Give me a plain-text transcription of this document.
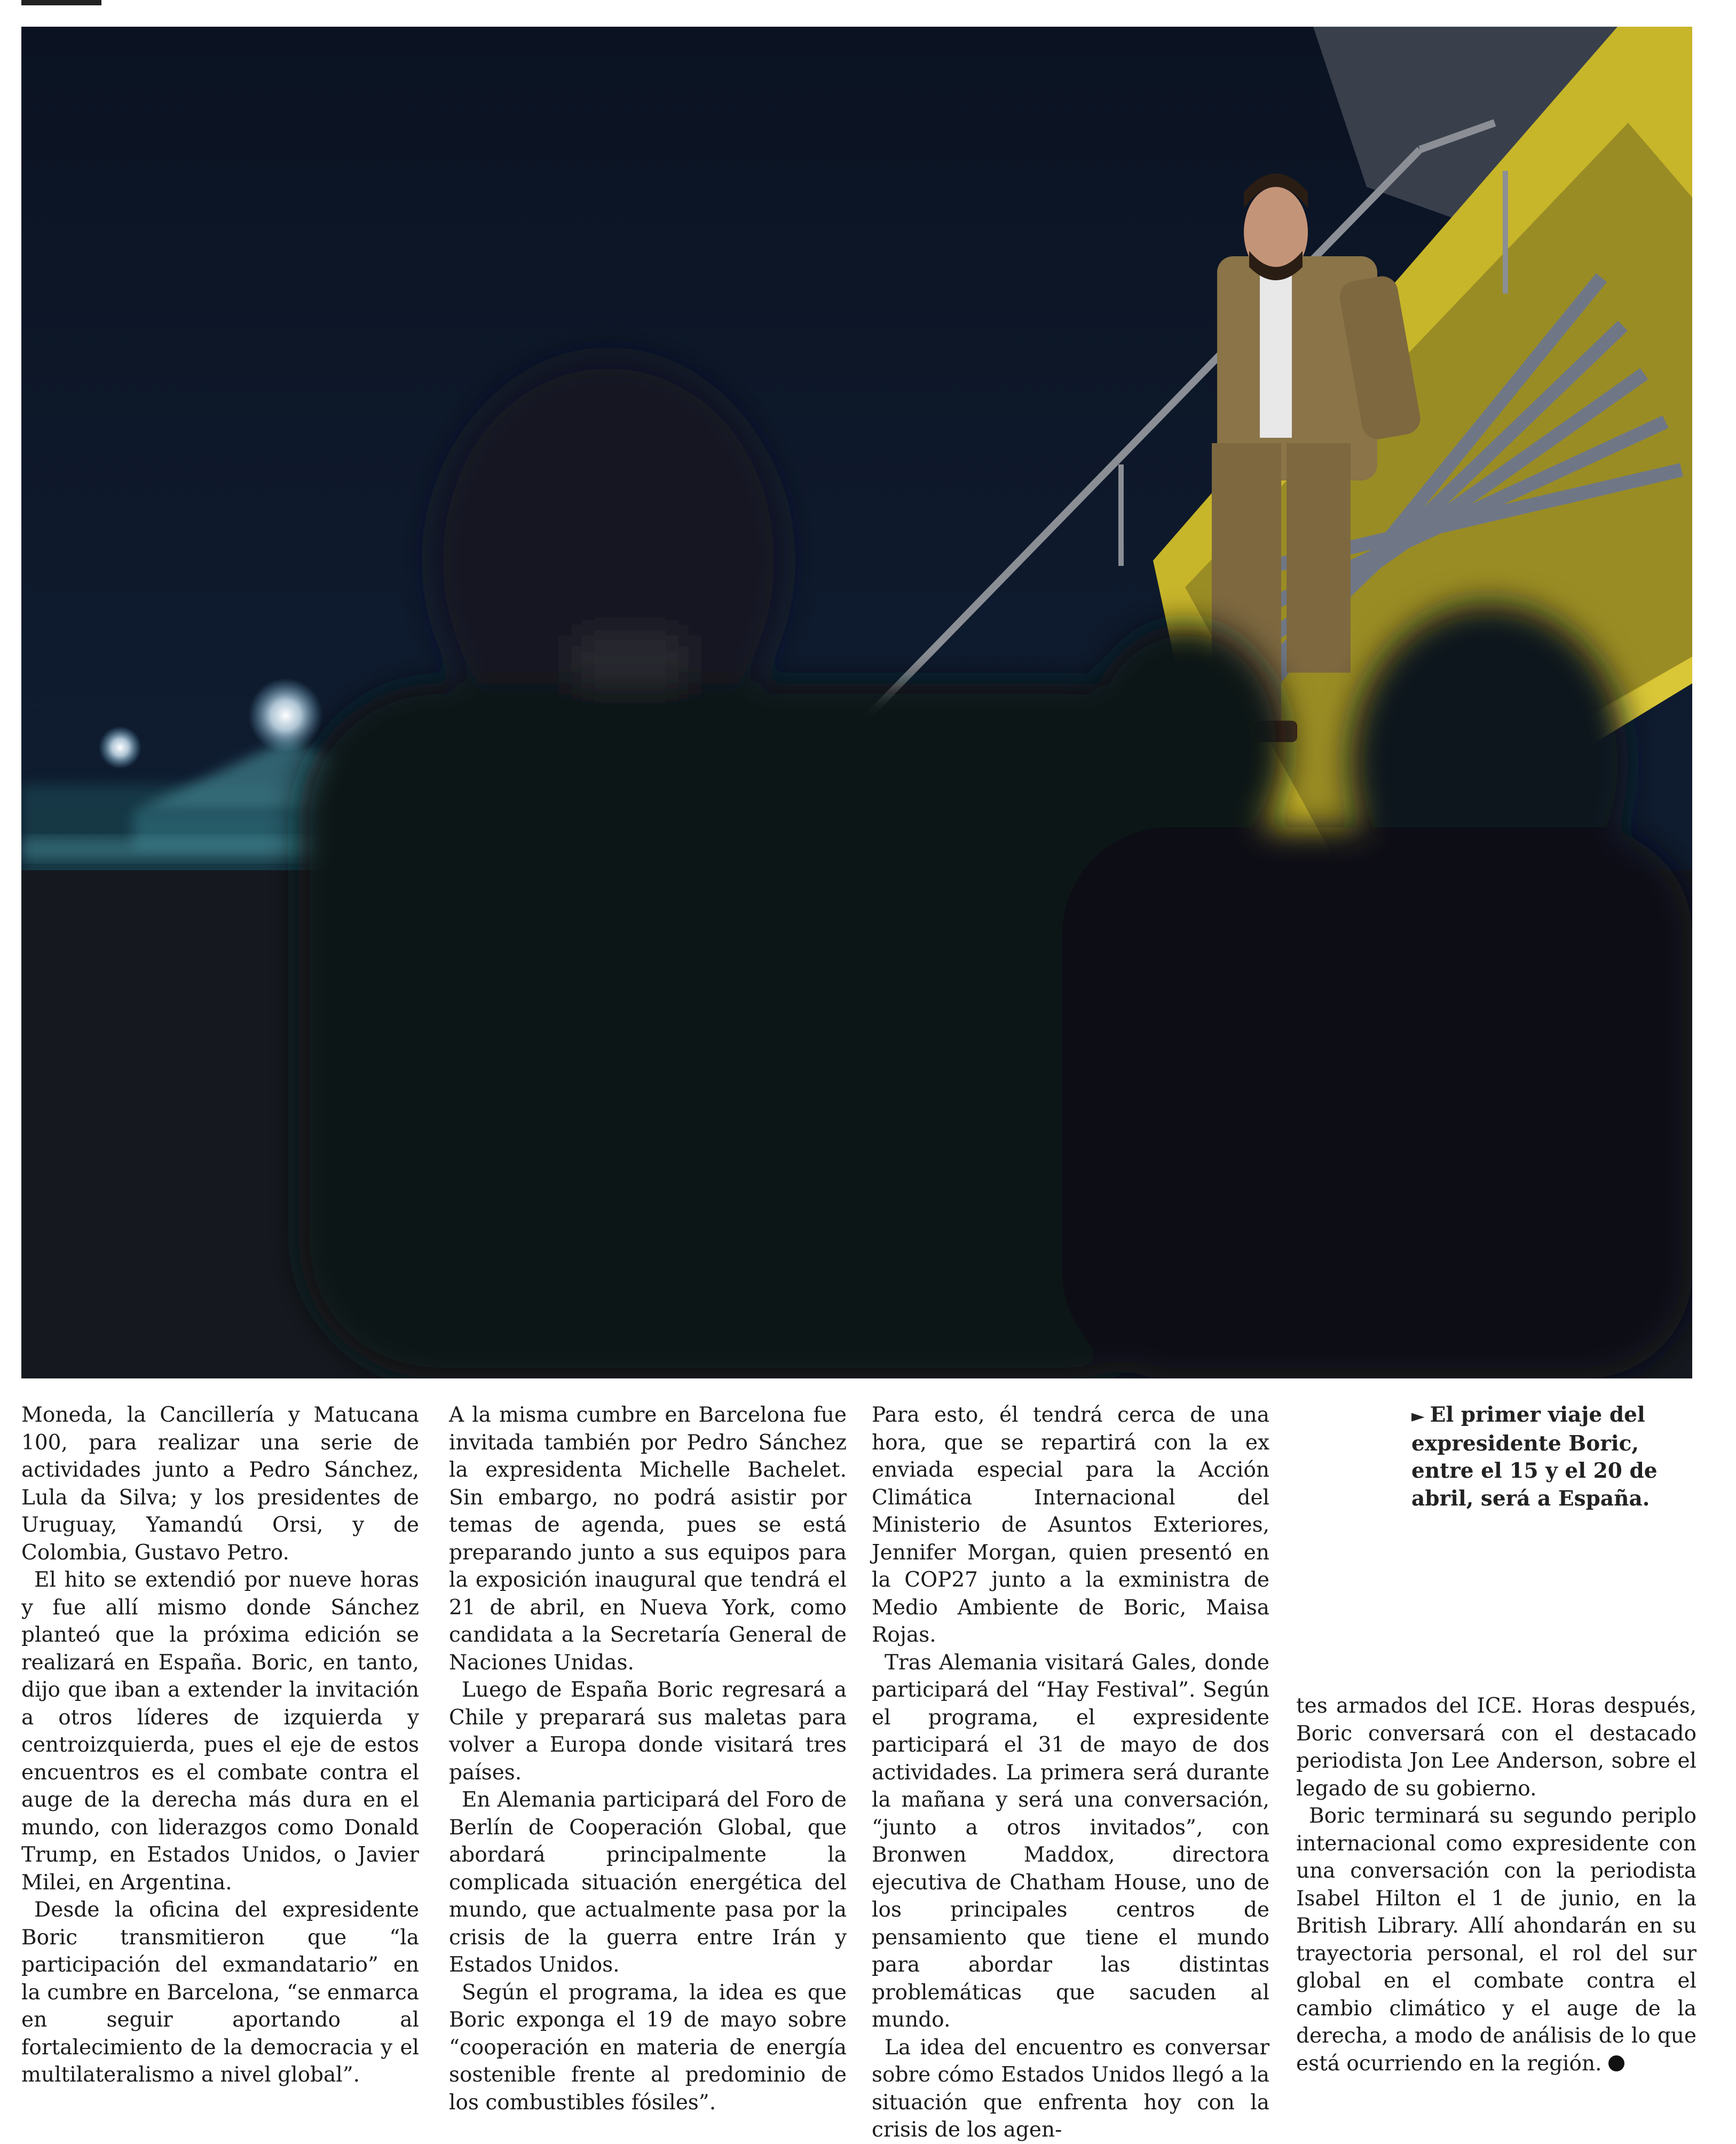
Moneda, la Cancillería y Matucana 100, para realizar una serie de actividades junto a Pedro Sánchez, Lula da Silva; y los presidentes de Uruguay, Yamandú Orsi, y de Colombia, Gustavo Petro.

El hito se extendió por nueve horas y fue allí mismo donde Sánchez planteó que la próxima edición se realizará en España. Boric, en tanto, dijo que iban a extender la invitación a otros líderes de izquierda y centroizquierda, pues el eje de estos encuentros es el combate contra el auge de la derecha más dura en el mundo, con liderazgos como Donald Trump, en Estados Unidos, o Javier Milei, en Argentina.

Desde la oficina del expresidente Boric transmitieron que “la participación del exmandatario” en la cumbre en Barcelona, “se enmarca en seguir aportando al fortalecimiento de la democracia y el multilateralismo a nivel global”.

A la misma cumbre en Barcelona fue invitada también por Pedro Sánchez la expresidenta Michelle Bachelet. Sin embargo, no podrá asistir por temas de agenda, pues se está preparando junto a sus equipos para la exposición inaugural que tendrá el 21 de abril, en Nueva York, como candidata a la Secretaría General de Naciones Unidas.

Luego de España Boric regresará a Chile y preparará sus maletas para volver a Europa donde visitará tres países.

En Alemania participará del Foro de Berlín de Cooperación Global, que abordará principalmente la complicada situación energética del mundo, que actualmente pasa por la crisis de la guerra entre Irán y Estados Unidos.

Según el programa, la idea es que Boric exponga el 19 de mayo sobre “cooperación en materia de energía sostenible frente al predominio de los combustibles fósiles”.

Para esto, él tendrá cerca de una hora, que se repartirá con la ex enviada especial para la Acción Climática Internacional del Ministerio de Asuntos Exteriores, Jennifer Morgan, quien presentó en la COP27 junto a la exministra de Medio Ambiente de Boric, Maisa Rojas.

Tras Alemania visitará Gales, donde participará del “Hay Festival”. Según el programa, el expresidente participará el 31 de mayo de dos actividades. La primera será durante la mañana y será una conversación, “junto a otros invitados”, con Bronwen Maddox, directora ejecutiva de Chatham House, uno de los principales centros de pensamiento que tiene el mundo para abordar las distintas problemáticas que sacuden al mundo.

La idea del encuentro es conversar sobre cómo Estados Unidos llegó a la situación que enfrenta hoy con la crisis de los agen-

► El primer viaje del expresidente Boric, entre el 15 y el 20 de abril, será a España.

tes armados del ICE. Horas después, Boric conversará con el destacado periodista Jon Lee Anderson, sobre el legado de su gobierno.

Boric terminará su segundo periplo internacional como expresidente con una conversación con la periodista Isabel Hilton el 1 de junio, en la British Library. Allí ahondarán en su trayectoria personal, el rol del sur global en el combate contra el cambio climático y el auge de la derecha, a modo de análisis de lo que está ocurriendo en la región.
